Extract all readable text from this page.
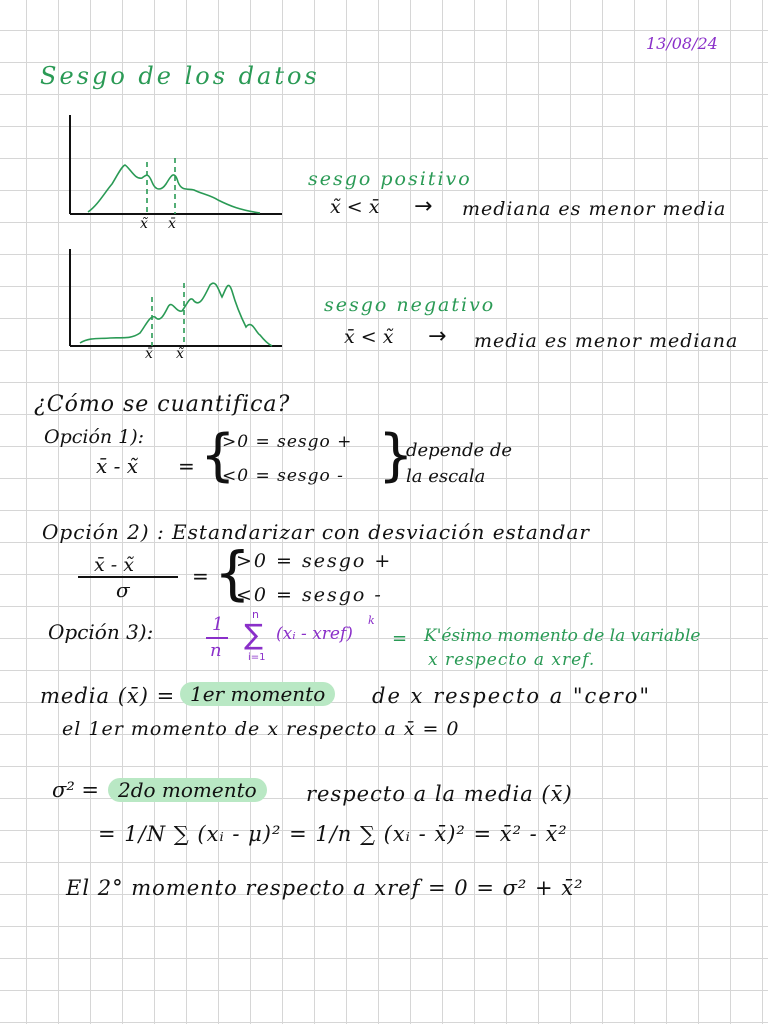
13/08/24
Sesgo de los datos
x̃ x̄
sesgo positivo
x̃ < x̄ → mediana es menor media
x̄ x̃
sesgo negativo
x̄ < x̃ → media es menor mediana
¿Cómo se cuantifica?
Opción 1):
x̄ - x̃ = {
>0 = sesgo +
<0 = sesgo - }
depende de
la escala
Opción 2) : Estandarizar con desviación estandar
x̄ - x̃
σ
= {
>0 = sesgo +
<0 = sesgo -
Opción 3):	1
n
n
∑
i=1
(xᵢ - xref)
k
= K'ésimo momento de la variable
x respecto a xref.
media (x̄) = 1er momento	de x respecto a "cero"
el 1er momento de x respecto a x̄ = 0
σ² = 2do momento	respecto a la media (x̄)
= 1/N ∑ (xᵢ - μ)² = 1/n ∑ (xᵢ - x̄)² = x̄² - x̄²
El 2° momento respecto a xref = 0 = σ² + x̄²
